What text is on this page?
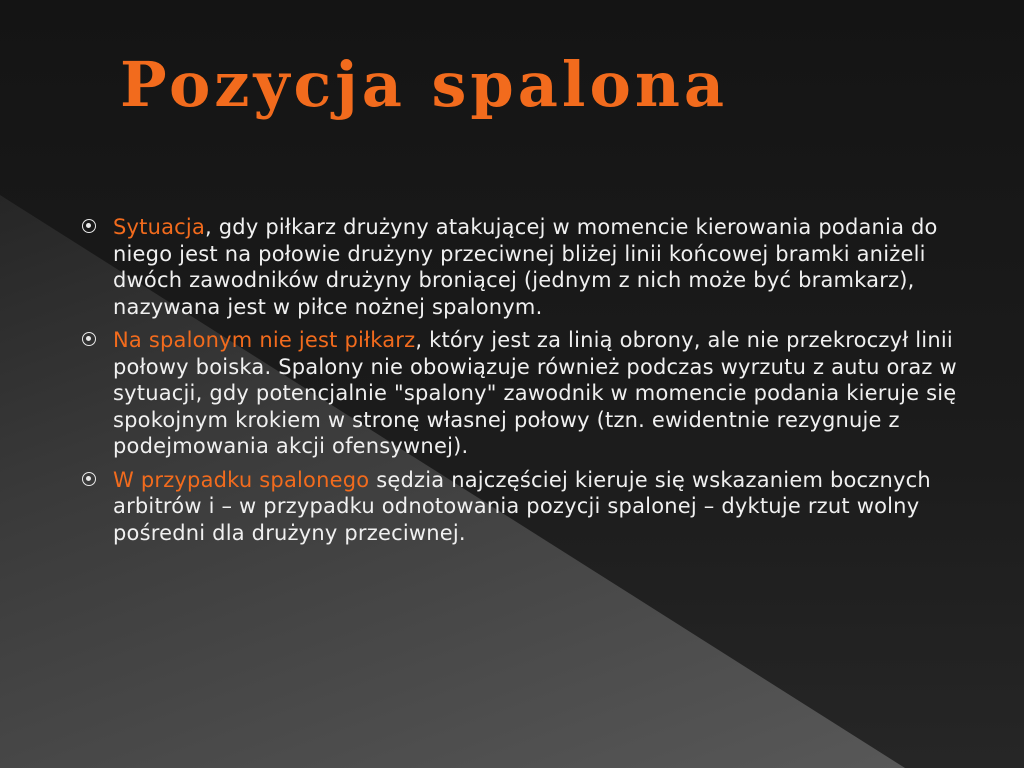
Pozycja spalona
Sytuacja, gdy piłkarz drużyny atakującej w momencie kierowania podania do niego jest na połowie drużyny przeciwnej bliżej linii końcowej bramki aniżeli dwóch zawodników drużyny broniącej (jednym z nich może być bramkarz), nazywana jest w piłce nożnej spalonym.
Na spalonym nie jest piłkarz, który jest za linią obrony, ale nie przekroczył linii połowy boiska. Spalony nie obowiązuje również podczas wyrzutu z autu oraz w sytuacji, gdy potencjalnie "spalony" zawodnik w momencie podania kieruje się spokojnym krokiem w stronę własnej połowy (tzn. ewidentnie rezygnuje z podejmowania akcji ofensywnej).
W przypadku spalonego sędzia najczęściej kieruje się wskazaniem bocznych arbitrów i – w przypadku odnotowania pozycji spalonej – dyktuje rzut wolny pośredni dla drużyny przeciwnej.
